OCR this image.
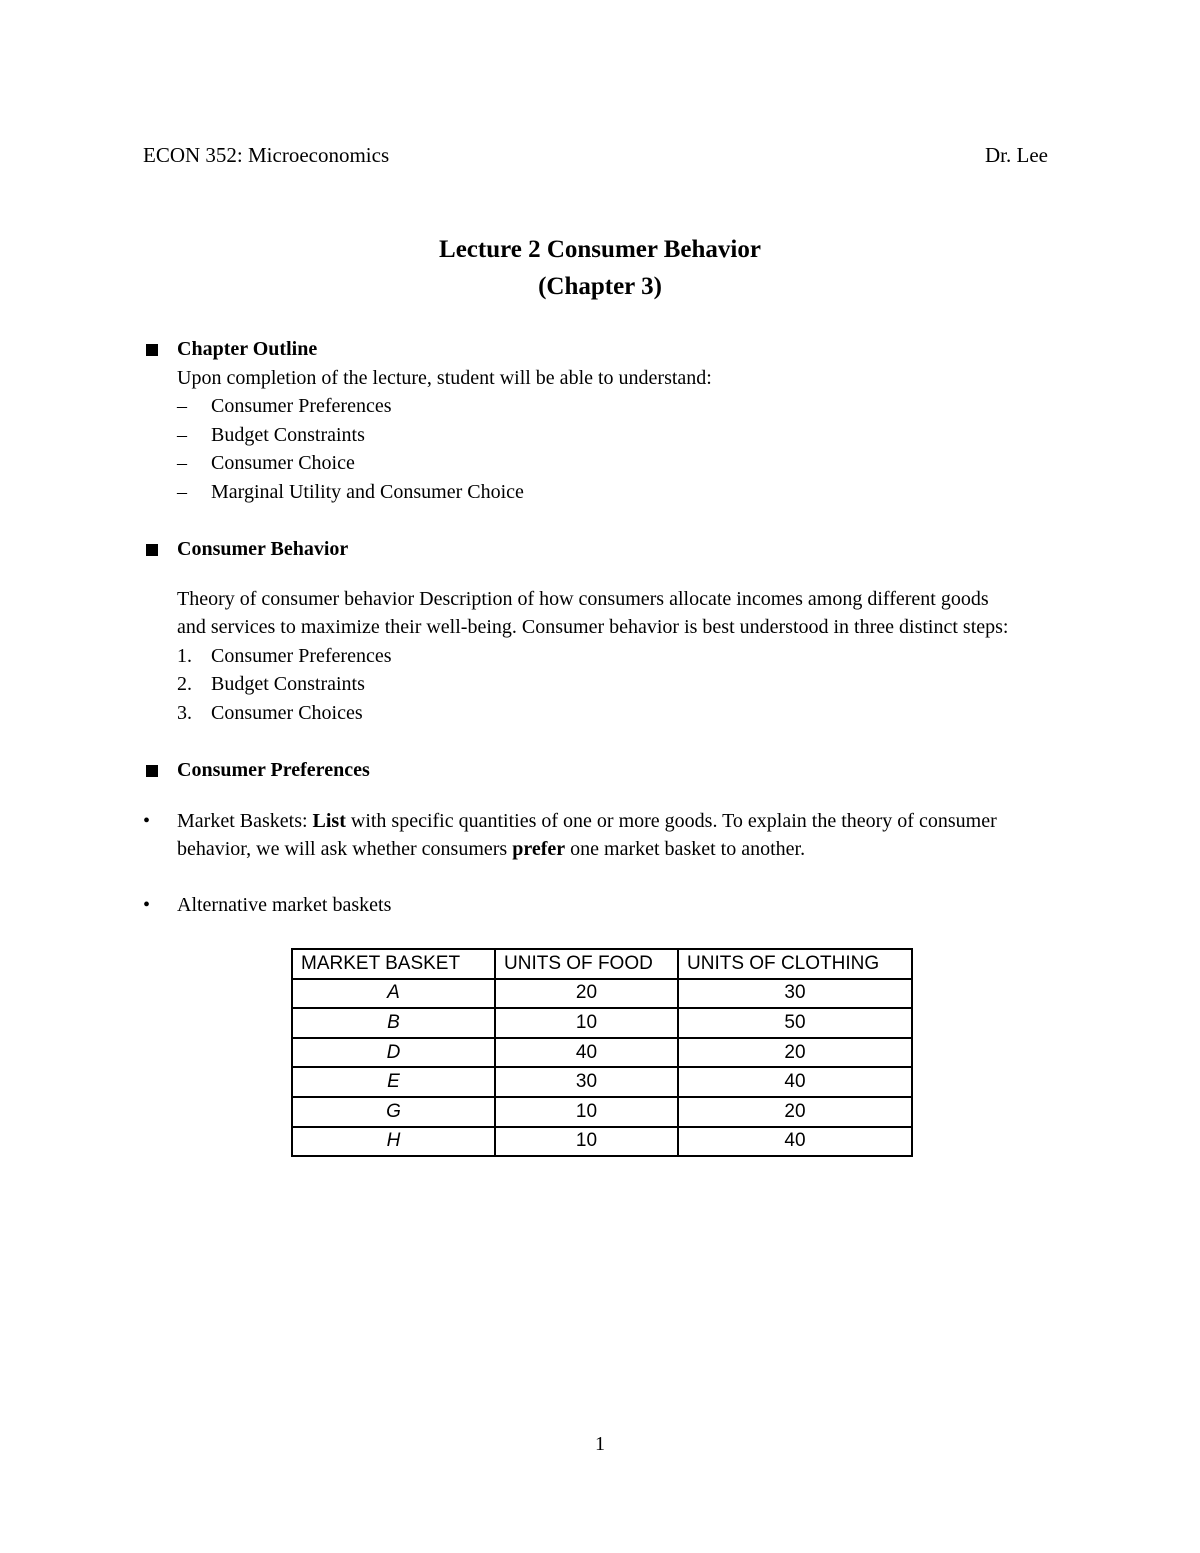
ECON 352: Microeconomics	Dr. Lee
Lecture 2 Consumer Behavior
(Chapter 3)
Chapter Outline
Upon completion of the lecture, student will be able to understand:
– Consumer Preferences
– Budget Constraints
– Consumer Choice
– Marginal Utility and Consumer Choice
Consumer Behavior
Theory of consumer behavior Description of how consumers allocate incomes among different goods
and services to maximize their well-being. Consumer behavior is best understood in three distinct steps:
1. Consumer Preferences
2. Budget Constraints
3. Consumer Choices
Consumer Preferences
• Market Baskets: List with specific quantities of one or more goods. To explain the theory of consumer
behavior, we will ask whether consumers prefer one market basket to another.
• Alternative market baskets
MARKET BASKET	UNITS OF FOOD	UNITS OF CLOTHING
A	20	30
B	10	50
D	40	20
E	30	40
G	10	20
H	10	40
1
